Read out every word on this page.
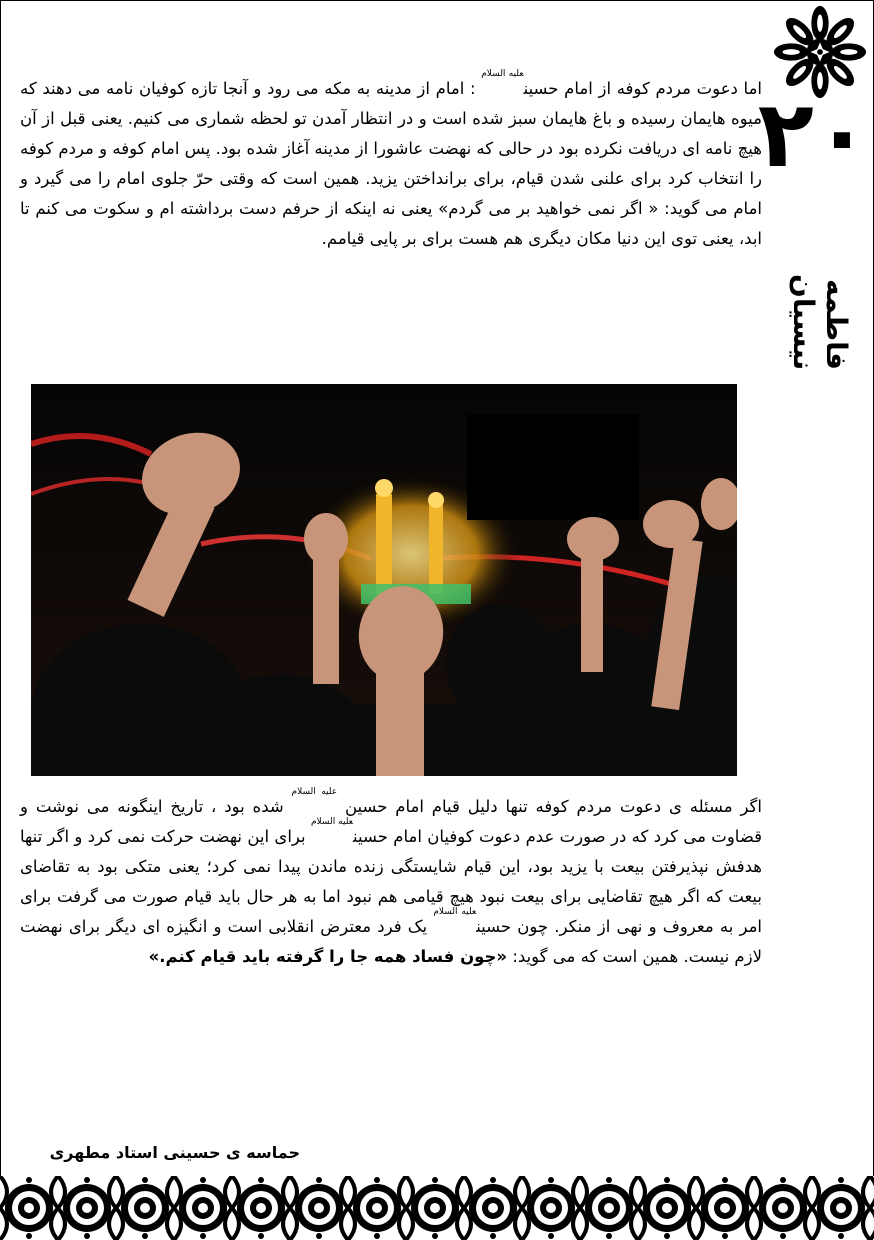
۲۰
فاطمه نیسیان
اما دعوت مردم کوفه از امام حسین$^{علیه السلام}$ : امام از مدینه به مکه می رود و آنجا تازه کوفیان نامه می دهند که میوه هایمان رسیده و باغ هایمان سبز شده است و در انتظار آمدن تو لحظه شماری می کنیم. یعنی قبل از آن هیچ نامه ای دریافت نکرده بود در حالی که نهضت عاشورا از مدینه آغاز شده بود. پس امام کوفه و مردم کوفه را انتخاب کرد برای علنی شدن قیام، برای برانداختن یزید. همین است که وقتی حرّ جلوی امام را می گیرد و امام می گوید: « اگر نمی خواهید بر می گردم» یعنی نه اینکه از حرفم دست برداشته ام و سکوت می کنم تا ابد، یعنی توی این دنیا مکان دیگری هم هست برای بر پایی قیامم.
اگر مسئله ی دعوت مردم کوفه تنها دلیل قیام امام حسین $^{علیه السلام}$ شده بود ، تاریخ اینگونه می نوشت و قضاوت می کرد که در صورت عدم دعوت کوفیان امام حسین$^{علیه السلام}$ برای این نهضت حرکت نمی کرد و اگر تنها هدفش نپذیرفتن بیعت با یزید بود، این قیام شایستگی زنده ماندن پیدا نمی کرد؛ یعنی متکی بود به تقاضای بیعت که اگر هیچ تقاضایی برای بیعت نبود هیچ قیامی هم نبود اما به هر حال باید قیام صورت می گرفت برای امر به معروف و نهی از منکر. چون حسین$^{علیه السلام}$ یک فرد معترض انقلابی است و انگیزه ای دیگر برای نهضت لازم نیست. همین است که می گوید: «چون فساد همه جا را گرفته باید قیام کنم.»
حماسه ی حسینی استاد مطهری
